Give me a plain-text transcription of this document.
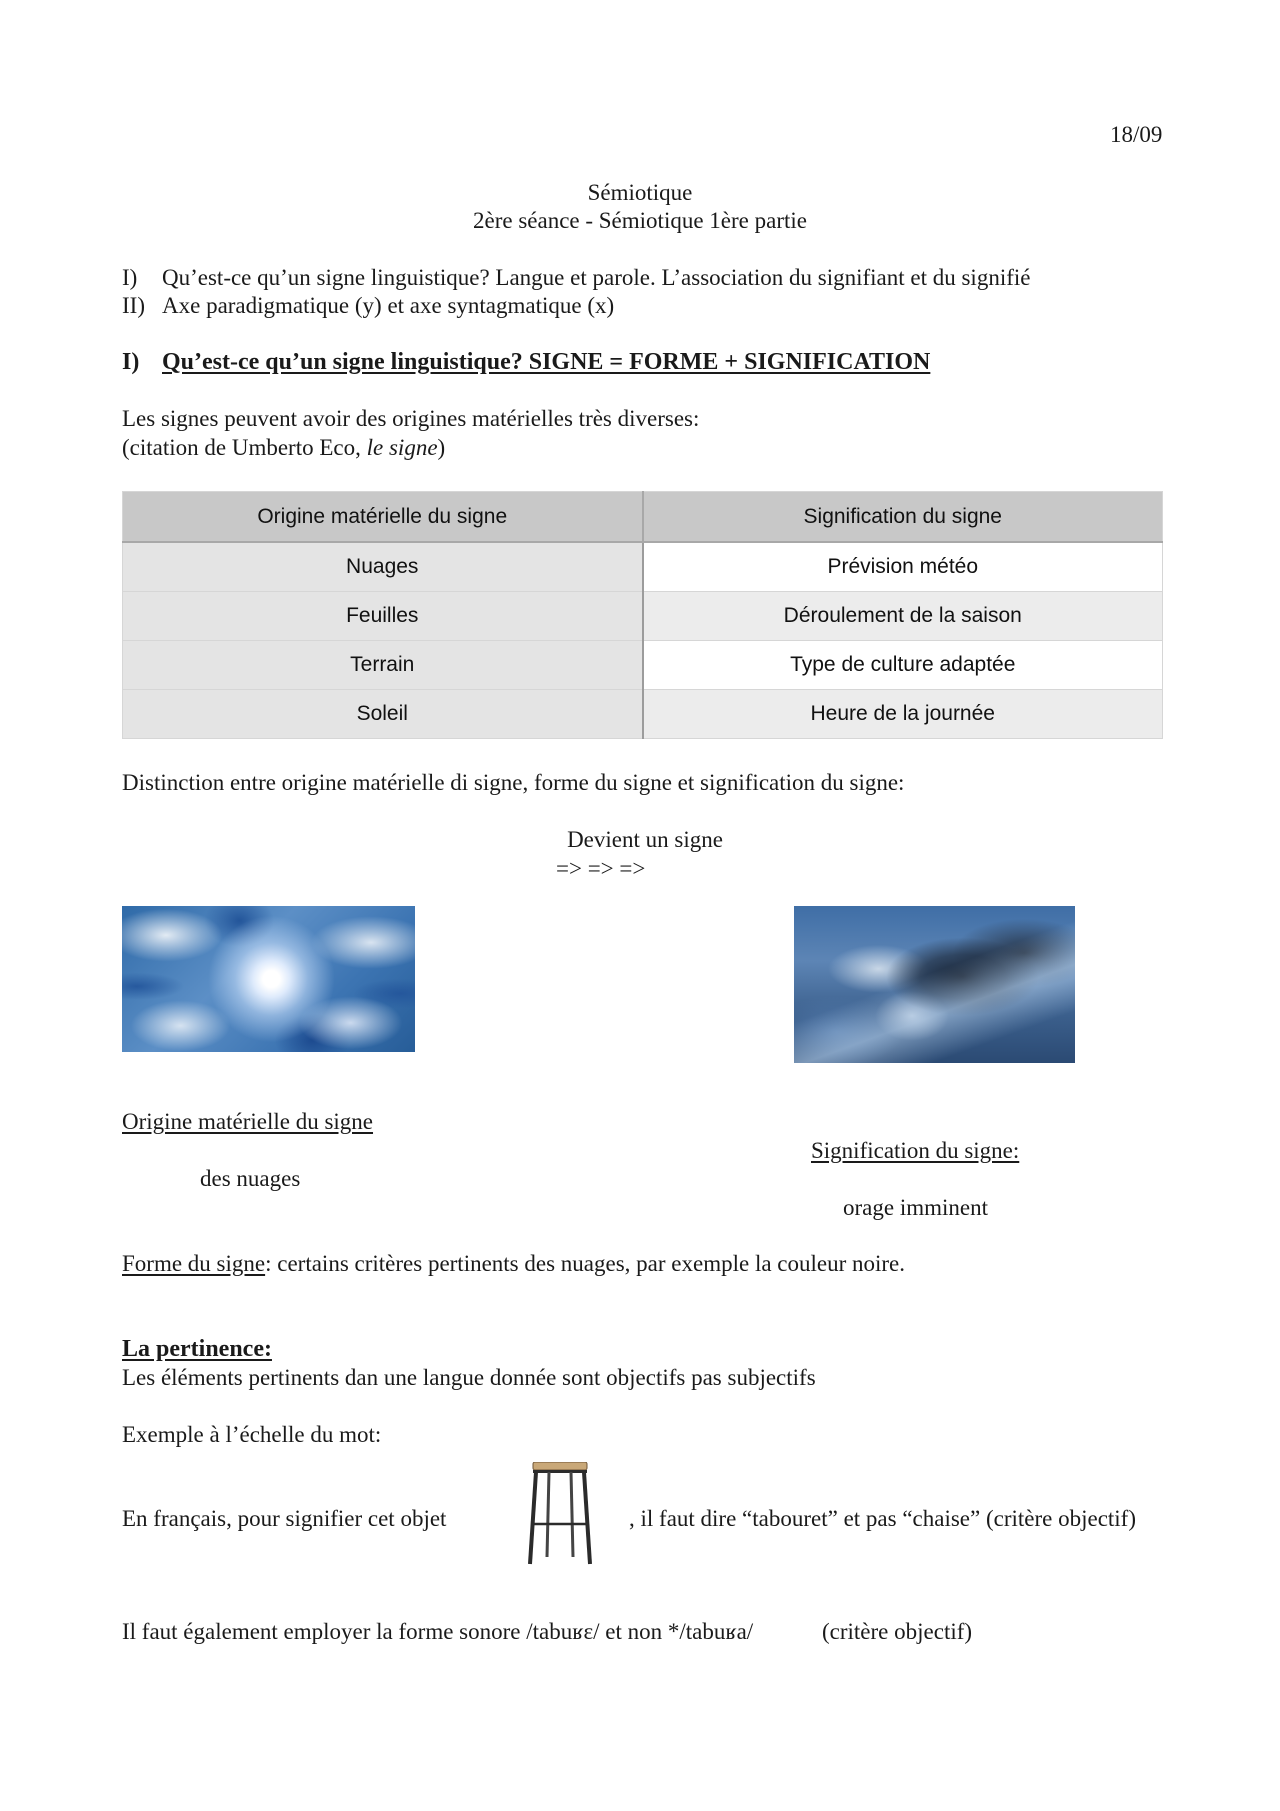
18/09
Sémiotique
2ère séance - Sémiotique 1ère partie
I) Qu’est-ce qu’un signe linguistique? Langue et parole. L’association du signifiant et du signifié
II) Axe paradigmatique (y) et axe syntagmatique (x)
I) Qu’est-ce qu’un signe linguistique? SIGNE = FORME + SIGNIFICATION
Les signes peuvent avoir des origines matérielles très diverses:
(citation de Umberto Eco, le signe)
Origine matérielle du signe	Signification du signe
Nuages	Prévision météo
Feuilles	Déroulement de la saison
Terrain	Type de culture adaptée
Soleil	Heure de la journée
Distinction entre origine matérielle di signe, forme du signe et signification du signe:
Devient un signe
=> => =>
Origine matérielle du signe
des nuages
Signification du signe:
orage imminent
Forme du signe: certains critères pertinents des nuages, par exemple la couleur noire.
La pertinence:
Les éléments pertinents dan une langue donnée sont objectifs pas subjectifs
Exemple à l’échelle du mot:
En français, pour signifier cet objet	, il faut dire “tabouret” et pas “chaise” (critère objectif)
Il faut également employer la forme sonore /tabuʁɛ/ et non */tabuʁa/	(critère objectif)
